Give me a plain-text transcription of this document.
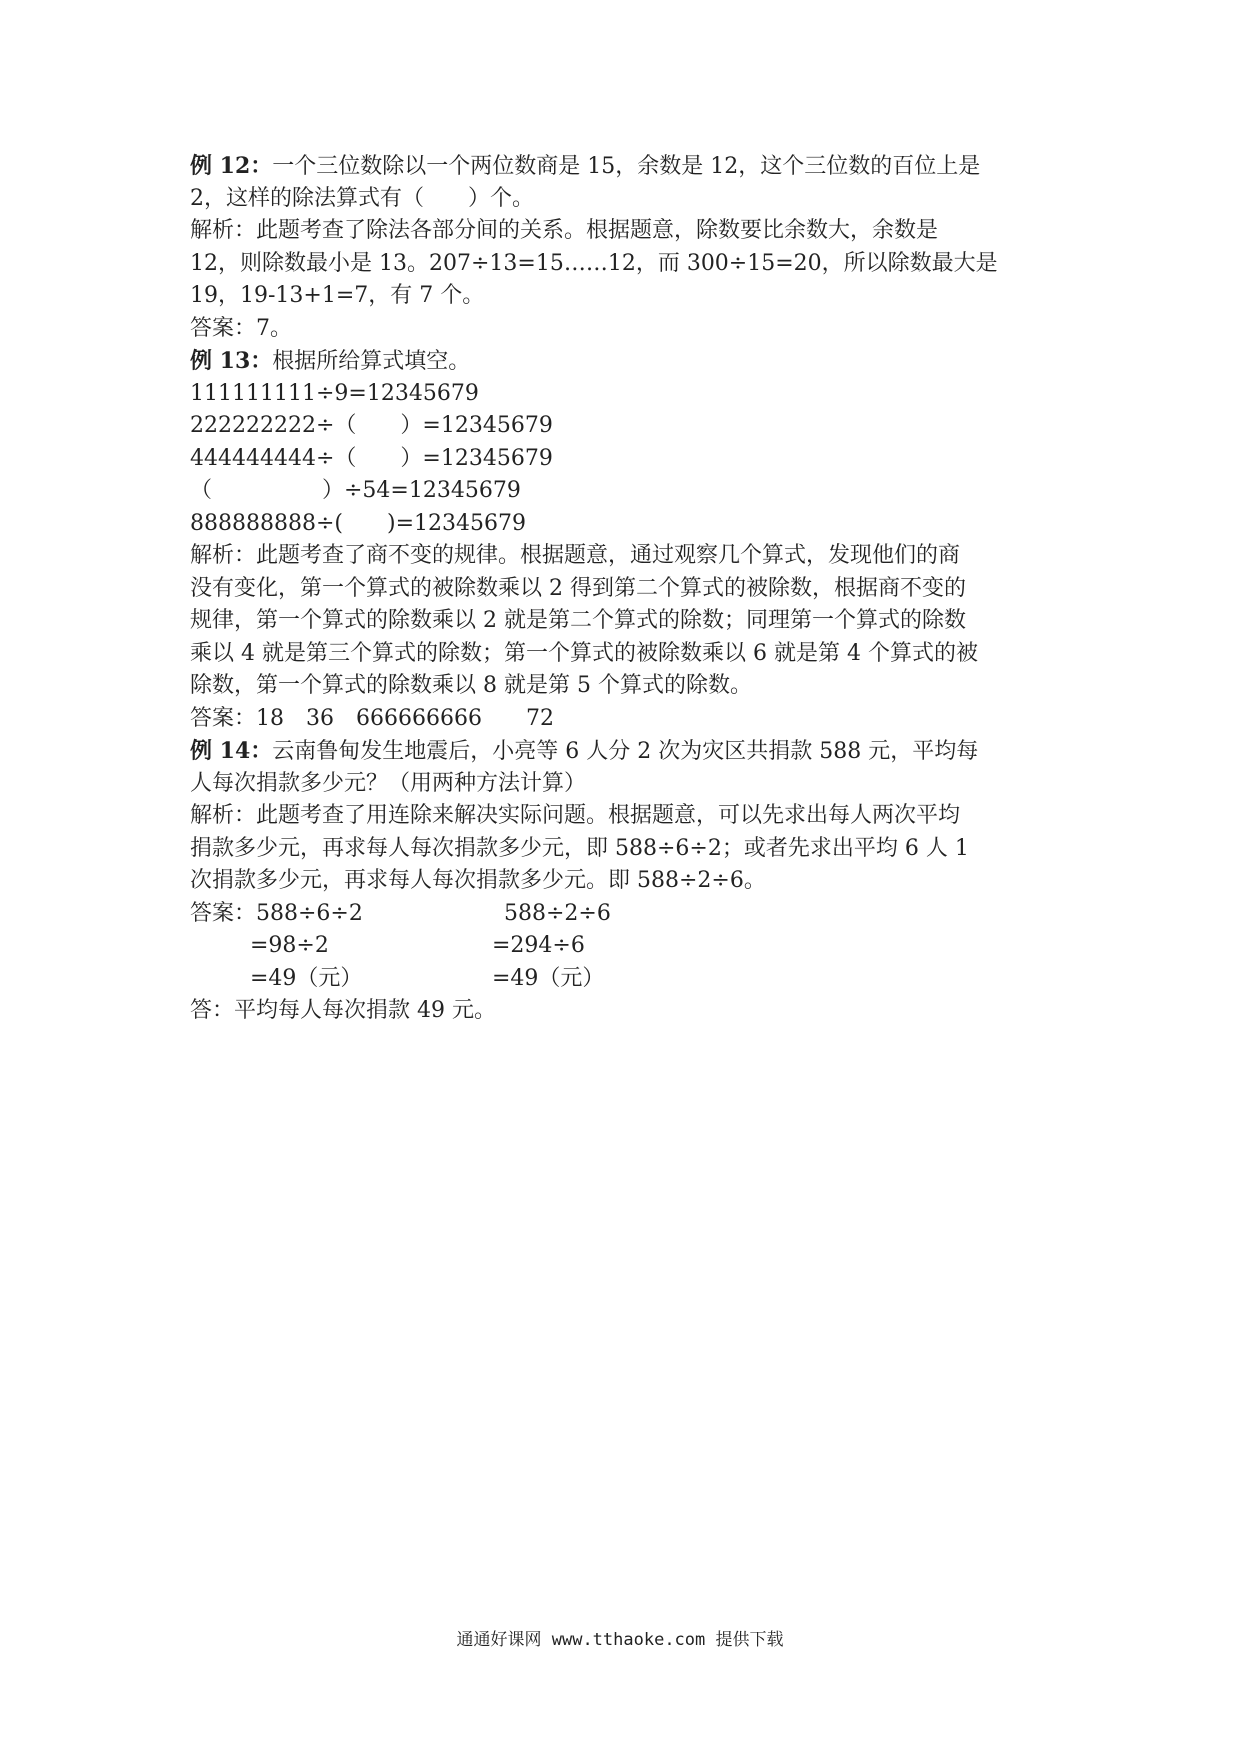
例 12：一个三位数除以一个两位数商是 15，余数是 12，这个三位数的百位上是
2，这样的除法算式有（　　）个。
解析：此题考查了除法各部分间的关系。根据题意，除数要比余数大，余数是
12，则除数最小是 13。207÷13=15……12，而 300÷15=20，所以除数最大是
19，19-13+1=7，有 7 个。
答案：7。
例 13：根据所给算式填空。
111111111÷9=12345679
222222222÷（　　）=12345679
444444444÷（　　）=12345679
（　　　　　）÷54=12345679
888888888÷(　　)=12345679
解析：此题考查了商不变的规律。根据题意，通过观察几个算式，发现他们的商
没有变化，第一个算式的被除数乘以 2 得到第二个算式的被除数，根据商不变的
规律，第一个算式的除数乘以 2 就是第二个算式的除数；同理第一个算式的除数
乘以 4 就是第三个算式的除数；第一个算式的被除数乘以 6 就是第 4 个算式的被
除数，第一个算式的除数乘以 8 就是第 5 个算式的除数。
答案：18　36　666666666　　72
例 14：云南鲁甸发生地震后，小亮等 6 人分 2 次为灾区共捐款 588 元，平均每
人每次捐款多少元？（用两种方法计算）
解析：此题考查了用连除来解决实际问题。根据题意，可以先求出每人两次平均
捐款多少元，再求每人每次捐款多少元，即 588÷6÷2；或者先求出平均 6 人 1
次捐款多少元，再求每人每次捐款多少元。即 588÷2÷6。
答案： 588÷6÷2	588÷2÷6
=98÷2	=294÷6
=49（元）	=49（元）
答：平均每人每次捐款 49 元。
通通好课网 www.tthaoke.com 提供下载
